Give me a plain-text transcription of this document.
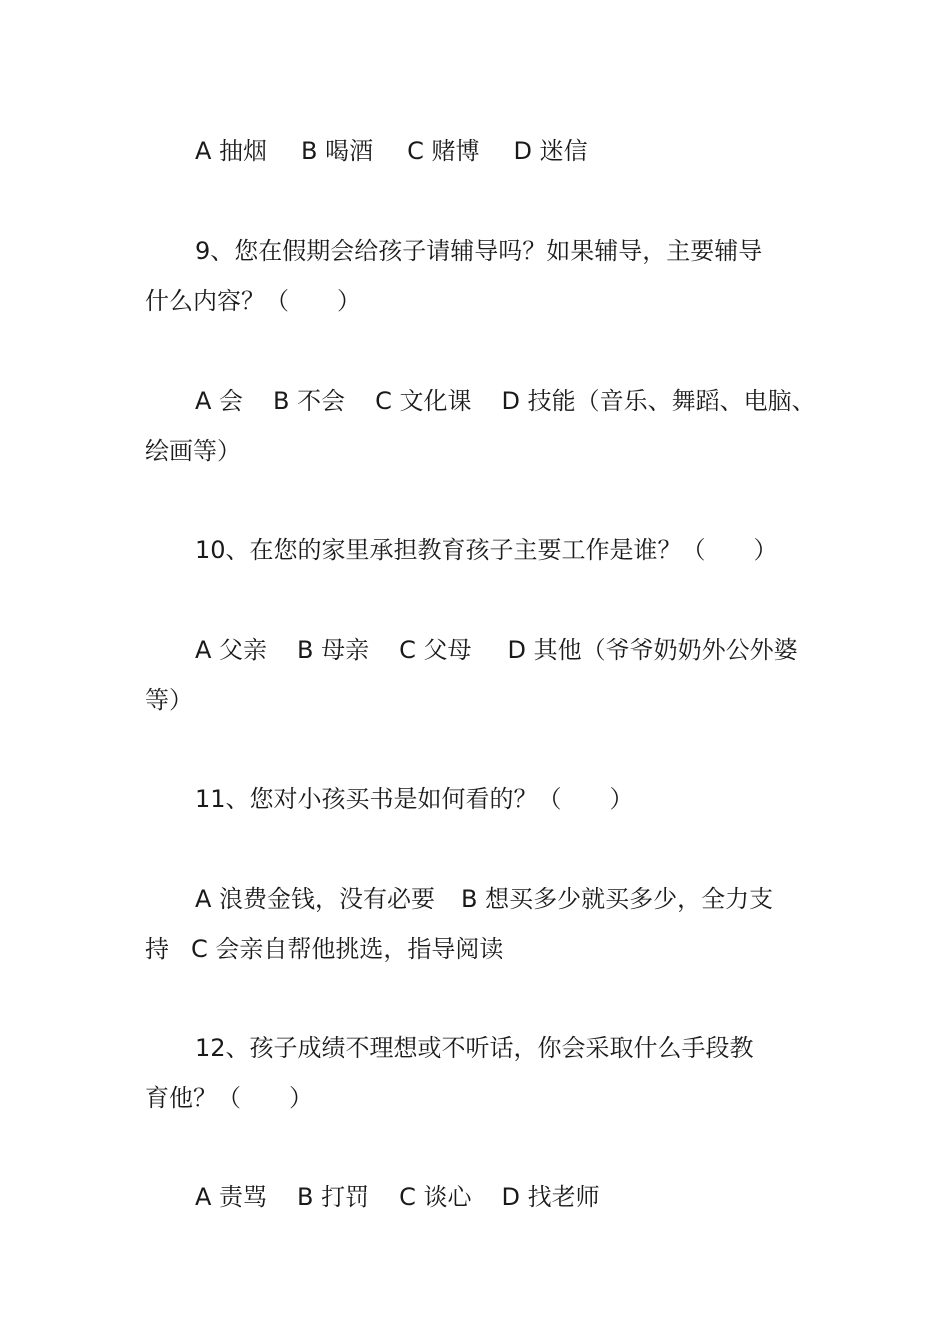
A 抽烟 B 喝酒 C 赌博 D 迷信
9、您在假期会给孩子请辅导吗？如果辅导，主要辅导
什么内容？（　　）
A 会 B 不会 C 文化课 D 技能（音乐、舞蹈、电脑、
绘画等）
10、在您的家里承担教育孩子主要工作是谁？（　　）
A 父亲 B 母亲 C 父母 D 其他（爷爷奶奶外公外婆
等）
11、您对小孩买书是如何看的？（　　）
A 浪费金钱，没有必要 B 想买多少就买多少，全力支
持 C 会亲自帮他挑选，指导阅读
12、孩子成绩不理想或不听话，你会采取什么手段教
育他？（　　）
A 责骂 B 打罚 C 谈心 D 找老师
